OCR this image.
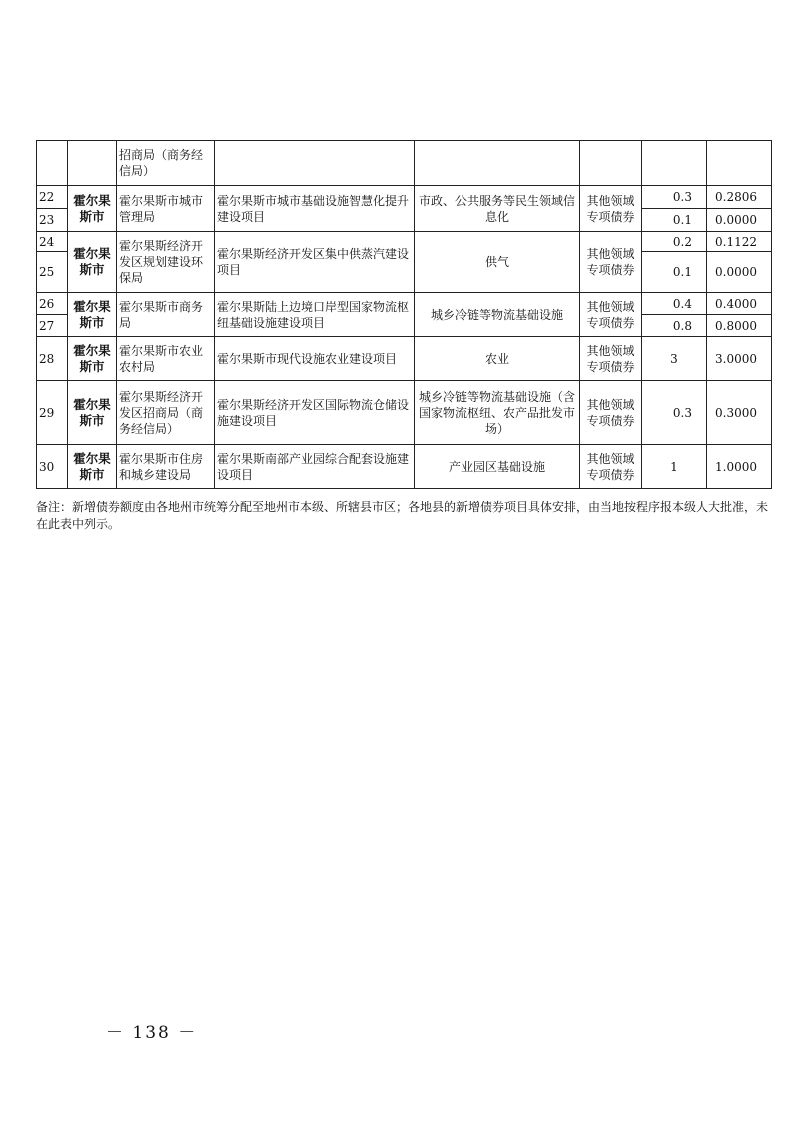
		招商局（商务经信局）					
22	霍尔果斯市	霍尔果斯市城市管理局	霍尔果斯市城市基础设施智慧化提升建设项目	市政、公共服务等民生领域信息化	其他领域专项债券	0.3	0.2806
23						0.1	0.0000
24	霍尔果斯市	霍尔果斯经济开发区规划建设环保局	霍尔果斯经济开发区集中供蒸汽建设项目	供气	其他领域专项债券	0.2	0.1122
25						0.1	0.0000
26	霍尔果斯市	霍尔果斯市商务局	霍尔果斯陆上边境口岸型国家物流枢纽基础设施建设项目	城乡冷链等物流基础设施	其他领域专项债券	0.4	0.4000
27						0.8	0.8000
28	霍尔果斯市	霍尔果斯市农业农村局	霍尔果斯市现代设施农业建设项目	农业	其他领域专项债券	3	3.0000
29	霍尔果斯市	霍尔果斯经济开发区招商局（商务经信局）	霍尔果斯经济开发区国际物流仓储设施建设项目	城乡冷链等物流基础设施（含国家物流枢纽、农产品批发市场）	其他领域专项债券	0.3	0.3000
30	霍尔果斯市	霍尔果斯市住房和城乡建设局	霍尔果斯南部产业园综合配套设施建设项目	产业园区基础设施	其他领域专项债券	1	1.0000
备注：新增债券额度由各地州市统筹分配至地州市本级、所辖县市区；各地县的新增债券项目具体安排，由当地按程序报本级人大批准，未在此表中列示。
－ 138 －
